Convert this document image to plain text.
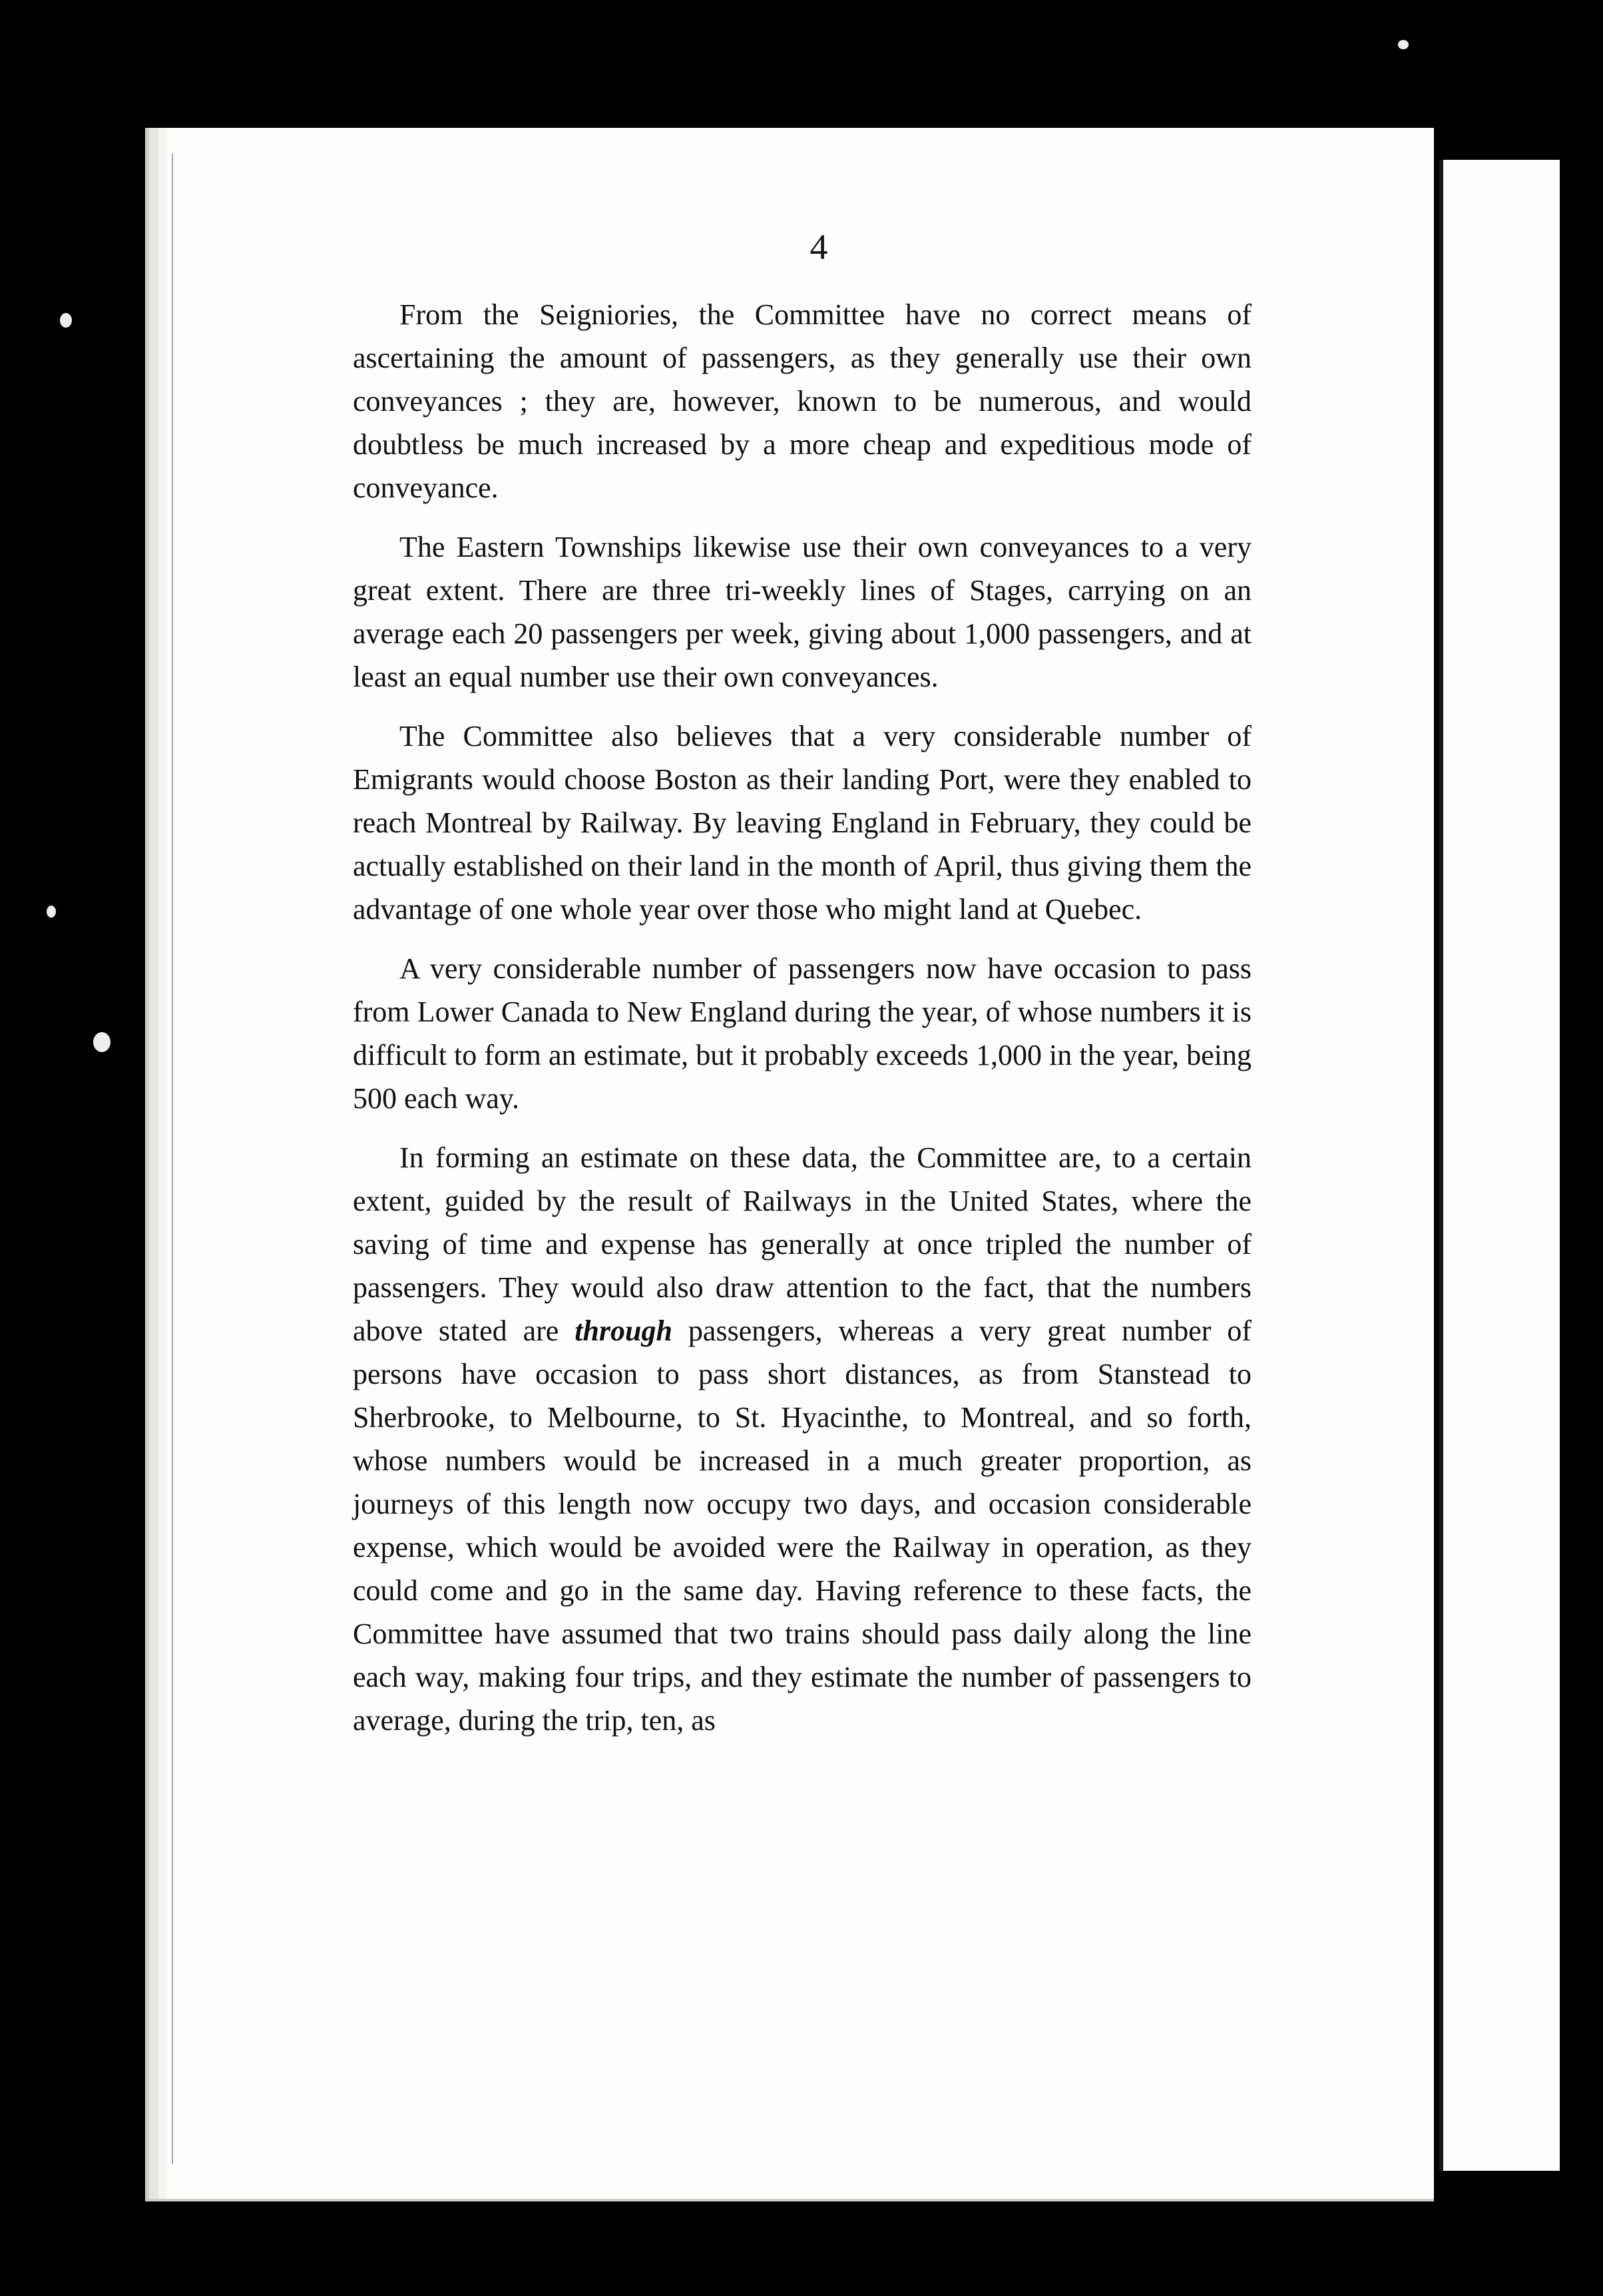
4

From the Seigniories, the Committee have no correct means of ascertaining the amount of passengers, as they generally use their own conveyances ; they are, however, known to be numerous, and would doubtless be much increased by a more cheap and expeditious mode of conveyance.

The Eastern Townships likewise use their own conveyances to a very great extent. There are three tri-weekly lines of Stages, carrying on an average each 20 passengers per week, giving about 1,000 passengers, and at least an equal number use their own conveyances.

The Committee also believes that a very considerable number of Emigrants would choose Boston as their landing Port, were they enabled to reach Montreal by Railway. By leaving England in February, they could be actually established on their land in the month of April, thus giving them the advantage of one whole year over those who might land at Quebec.

A very considerable number of passengers now have occasion to pass from Lower Canada to New England during the year, of whose numbers it is difficult to form an estimate, but it probably exceeds 1,000 in the year, being 500 each way.

In forming an estimate on these data, the Committee are, to a certain extent, guided by the result of Railways in the United States, where the saving of time and expense has generally at once tripled the number of passengers. They would also draw attention to the fact, that the numbers above stated are through passengers, whereas a very great number of persons have occasion to pass short distances, as from Stanstead to Sherbrooke, to Melbourne, to St. Hyacinthe, to Montreal, and so forth, whose numbers would be increased in a much greater proportion, as journeys of this length now occupy two days, and occasion considerable expense, which would be avoided were the Railway in operation, as they could come and go in the same day. Having reference to these facts, the Committee have assumed that two trains should pass daily along the line each way, making four trips, and they estimate the number of passengers to average, during the trip, ten, as
